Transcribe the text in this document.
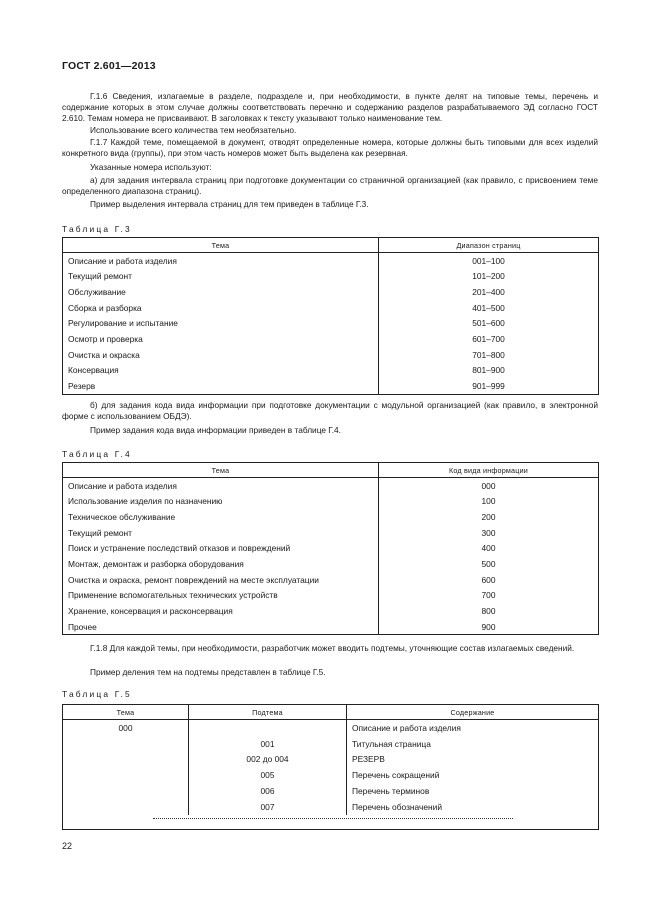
ГОСТ 2.601—2013

Г.1.6 Сведения, излагаемые в разделе, подразделе и, при необходимости, в пункте делят на типовые темы, перечень и содержание которых в этом случае должны соответствовать перечню и содержанию разделов разрабатываемого ЭД согласно ГОСТ 2.610. Темам номера не присваивают. В заголовках к тексту указывают только наименование тем.

Использование всего количества тем необязательно.

Г.1.7 Каждой теме, помещаемой в документ, отводят определенные номера, которые должны быть типовыми для всех изделий конкретного вида (группы), при этом часть номеров может быть выделена как резервная.

Указанные номера используют:

а) для задания интервала страниц при подготовке документации со страничной организацией (как правило, с присвоением теме определенного диапазона страниц).

Пример выделения интервала страниц для тем приведен в таблице Г.3.

Таблица Г.3
Тема	Диапазон страниц
Описание и работа изделия	001–100
Текущий ремонт	101–200
Обслуживание	201–400
Сборка и разборка	401–500
Регулирование и испытание	501–600
Осмотр и проверка	601–700
Очистка и окраска	701–800
Консервация	801–900
Резерв	901–999

б) для задания кода вида информации при подготовке документации с модульной организацией (как правило, в электронной форме с использованием ОБДЭ).

Пример задания кода вида информации приведен в таблице Г.4.

Таблица Г.4
Тема	Код вида информации
Описание и работа изделия	000
Использование изделия по назначению	100
Техническое обслуживание	200
Текущий ремонт	300
Поиск и устранение последствий отказов и повреждений	400
Монтаж, демонтаж и разборка оборудования	500
Очистка и окраска, ремонт повреждений на месте эксплуатации	600
Применение вспомогательных технических устройств	700
Хранение, консервация и расконсервация	800
Прочее	900

Г.1.8 Для каждой темы, при необходимости, разработчик может вводить подтемы, уточняющие состав излагаемых сведений.

Пример деления тем на подтемы представлен в таблице Г.5.

Таблица Г.5
Тема	Подтема	Содержание
000		Описание и работа изделия
	001	Титульная страница
	002 до 004	РЕЗЕРВ
	005	Перечень сокращений
	006	Перечень терминов
	007	Перечень обозначений

22
